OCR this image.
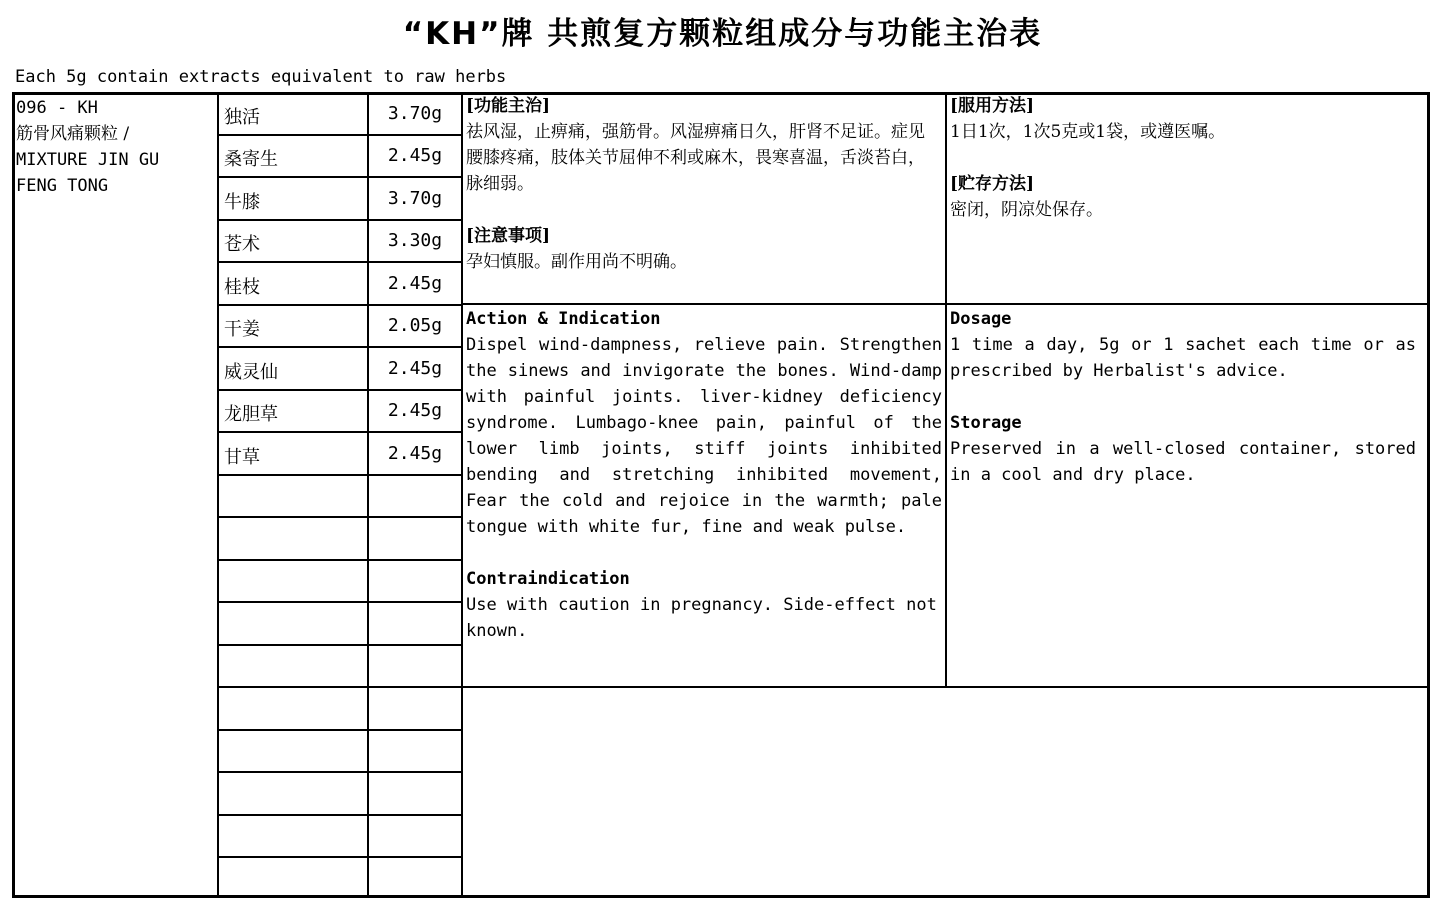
“KH”牌 共煎复方颗粒组成分与功能主治表
Each 5g contain extracts equivalent to raw herbs
096 - KH
筋骨风痛颗粒 /
MIXTURE JIN GU
FENG TONG
独活	3.70g
桑寄生	2.45g
牛膝	3.70g
苍术	3.30g
桂枝	2.45g
干姜	2.05g
威灵仙	2.45g
龙胆草	2.45g
甘草	2.45g
[功能主治]
祛风湿，止痹痛，强筋骨。风湿痹痛日久，肝肾不足证。症见腰膝疼痛，肢体关节屈伸不利或麻木，畏寒喜温，舌淡苔白，脉细弱。
[注意事项]
孕妇慎服。副作用尚不明确。
[服用方法]
1日1次，1次5克或1袋，或遵医嘱。
[贮存方法]
密闭，阴凉处保存。
Action & Indication
Dispel wind-dampness, relieve pain. Strengthen the sinews and invigorate the bones. Wind-damp with painful joints. liver-kidney deficiency syndrome. Lumbago-knee pain, painful of the lower limb joints, stiff joints inhibited bending and stretching inhibited movement, Fear the cold and rejoice in the warmth; pale tongue with white fur, fine and weak pulse.
Contraindication
Use with caution in pregnancy. Side-effect not known.
Dosage
1 time a day, 5g or 1 sachet each time or as prescribed by Herbalist's advice.
Storage
Preserved in a well-closed container, stored in a cool and dry place.
